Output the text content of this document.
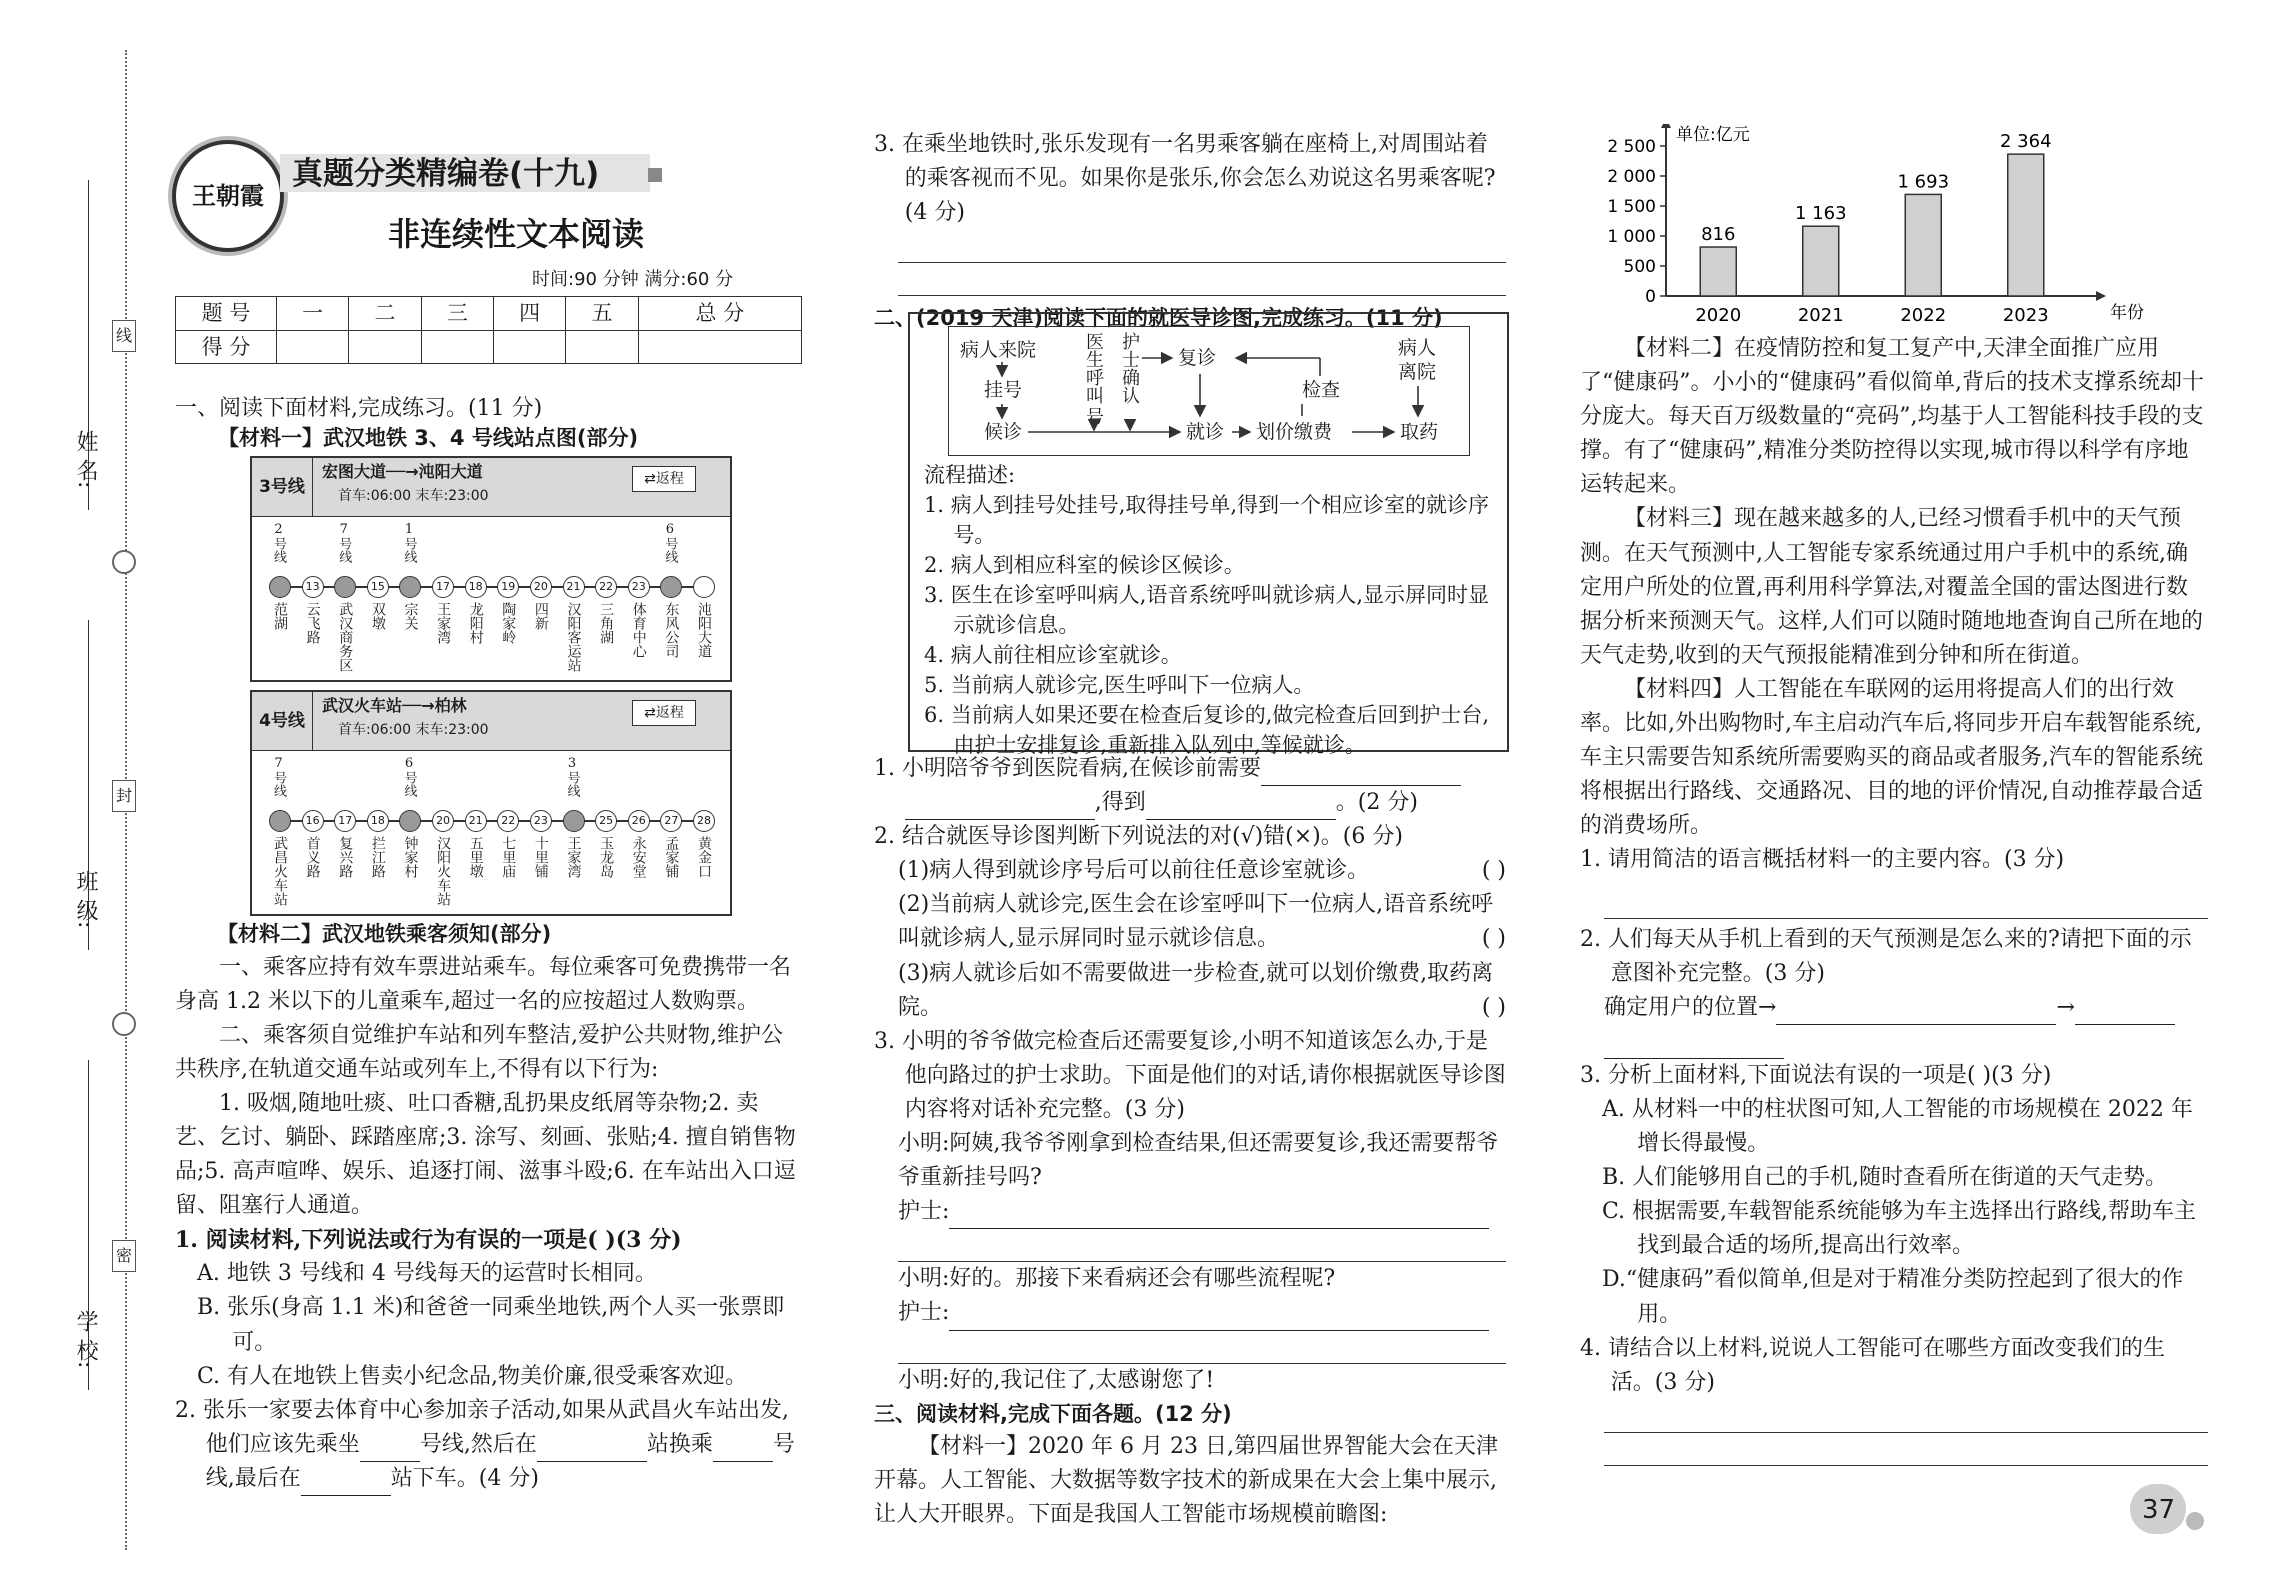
线
封
密
姓 名:
班 级:
学 校:
王朝霞
真题分类精编卷(十九)
非连续性文本阅读
时间:90 分钟 满分:60 分
题 号	一	二	三	四	五	总 分
得 分						
一、阅读下面材料,完成练习。(11 分)
【材料一】武汉地铁 3、4 号线站点图(部分)
3号线
宏图大道──→沌阳大道
首车:06:00 末车:23:00
⇄返程
范湖
13
云飞路 武汉商务区
15
双墩 宗关
17
王家湾
18
龙阳村
19
陶家岭
20
四新
21
汉阳客运站
22
三角湖
23
体育中心 东风公司 沌阳大道
2号线	7号线	1号线	6号线
4号线
武汉火车站──→柏林
首车:06:00 末车:23:00
⇄返程
武昌火车站
16
首义路
17
复兴路
18
拦江路 钟家村
20
汉阳火车站
21
五里墩
22
七里庙
23
十里铺 王家湾
25
玉龙岛
26
永安堂
27
孟家铺
28
黄金口
7号线	6号线	3号线

【材料二】武汉地铁乘客须知(部分)

一、乘客应持有效车票进站乘车。每位乘客可免费携带一名身高 1.2 米以下的儿童乘车,超过一名的应按超过人数购票。

二、乘客须自觉维护车站和列车整洁,爱护公共财物,维护公共秩序,在轨道交通车站或列车上,不得有以下行为:

1. 吸烟,随地吐痰、吐口香糖,乱扔果皮纸屑等杂物;2. 卖艺、乞讨、躺卧、踩踏座席;3. 涂写、刻画、张贴;4. 擅自销售物品;5. 高声喧哗、娱乐、追逐打闹、滋事斗殴;6. 在车站出入口逗留、阻塞行人通道。

1. 阅读材料,下列说法或行为有误的一项是( )(3 分)

A. 地铁 3 号线和 4 号线每天的运营时长相同。

B. 张乐(身高 1.1 米)和爸爸一同乘坐地铁,两个人买一张票即可。

C. 有人在地铁上售卖小纪念品,物美价廉,很受乘客欢迎。

2. 张乐一家要去体育中心参加亲子活动,如果从武昌火车站出发,他们应该先乘坐	号线,然后在	站换乘	号线,最后在	站下车。(4 分)

3. 在乘坐地铁时,张乐发现有一名男乘客躺在座椅上,对周围站着的乘客视而不见。如果你是张乐,你会怎么劝说这名男乘客呢?(4 分)

二、(2019 天津)阅读下面的就医导诊图,完成练习。(11 分)

病人来院
挂号
候诊
医生呼叫
号
护士确认 复诊
检查
病人离院
就诊 划价缴费	取药

流程描述:

1. 病人到挂号处挂号,取得挂号单,得到一个相应诊室的就诊序号。

2. 病人到相应科室的候诊区候诊。

3. 医生在诊室呼叫病人,语音系统呼叫就诊病人,显示屏同时显示就诊信息。

4. 病人前往相应诊室就诊。

5. 当前病人就诊完,医生呼叫下一位病人。

6. 当前病人如果还要在检查后复诊的,做完检查后回到护士台,由护士安排复诊,重新排入队列中,等候就诊。

1. 小明陪爷爷到医院看病,在候诊前需要
,得到	。(2 分)

2. 结合就医导诊图判断下列说法的对(√)错(×)。(6 分)

(1)病人得到就诊序号后可以前往任意诊室就诊。	( )

(2)当前病人就诊完,医生会在诊室呼叫下一位病人,语音系统呼叫就诊病人,显示屏同时显示就诊信息。	( )

(3)病人就诊后如不需要做进一步检查,就可以划价缴费,取药离院。	( )

3. 小明的爷爷做完检查后还需要复诊,小明不知道该怎么办,于是他向路过的护士求助。下面是他们的对话,请你根据就医导诊图内容将对话补充完整。(3 分)

小明:阿姨,我爷爷刚拿到检查结果,但还需要复诊,我还需要帮爷爷重新挂号吗?

护士:

小明:好的。那接下来看病还会有哪些流程呢?

护士:

小明:好的,我记住了,太感谢您了!

三、阅读材料,完成下面各题。(12 分)

【材料一】2020 年 6 月 23 日,第四届世界智能大会在天津开幕。人工智能、大数据等数字技术的新成果在大会上集中展示,让人大开眼界。下面是我国人工智能市场规模前瞻图:

单位:亿元
年份
0
500
1 000
1 500
2 000
2 500
816
2020
1 163
2021
1 693
2022
2 364
2023

【材料二】在疫情防控和复工复产中,天津全面推广应用了“健康码”。小小的“健康码”看似简单,背后的技术支撑系统却十分庞大。每天百万级数量的“亮码”,均基于人工智能科技手段的支撑。有了“健康码”,精准分类防控得以实现,城市得以科学有序地运转起来。

【材料三】现在越来越多的人,已经习惯看手机中的天气预测。在天气预测中,人工智能专家系统通过用户手机中的系统,确定用户所处的位置,再利用科学算法,对覆盖全国的雷达图进行数据分析来预测天气。这样,人们可以随时随地地查询自己所在地的天气走势,收到的天气预报能精准到分钟和所在街道。

【材料四】人工智能在车联网的运用将提高人们的出行效率。比如,外出购物时,车主启动汽车后,将同步开启车载智能系统,车主只需要告知系统所需要购买的商品或者服务,汽车的智能系统将根据出行路线、交通路况、目的地的评价情况,自动推荐最合适的消费场所。

1. 请用简洁的语言概括材料一的主要内容。(3 分)

2. 人们每天从手机上看到的天气预测是怎么来的?请把下面的示意图补充完整。(3 分)

确定用户的位置→	→

3. 分析上面材料,下面说法有误的一项是( )(3 分)

A. 从材料一中的柱状图可知,人工智能的市场规模在 2022 年增长得最慢。

B. 人们能够用自己的手机,随时查看所在街道的天气走势。

C. 根据需要,车载智能系统能够为车主选择出行路线,帮助车主找到最合适的场所,提高出行效率。

D.“健康码”看似简单,但是对于精准分类防控起到了很大的作用。

4. 请结合以上材料,说说人工智能可在哪些方面改变我们的生活。(3 分)

37
